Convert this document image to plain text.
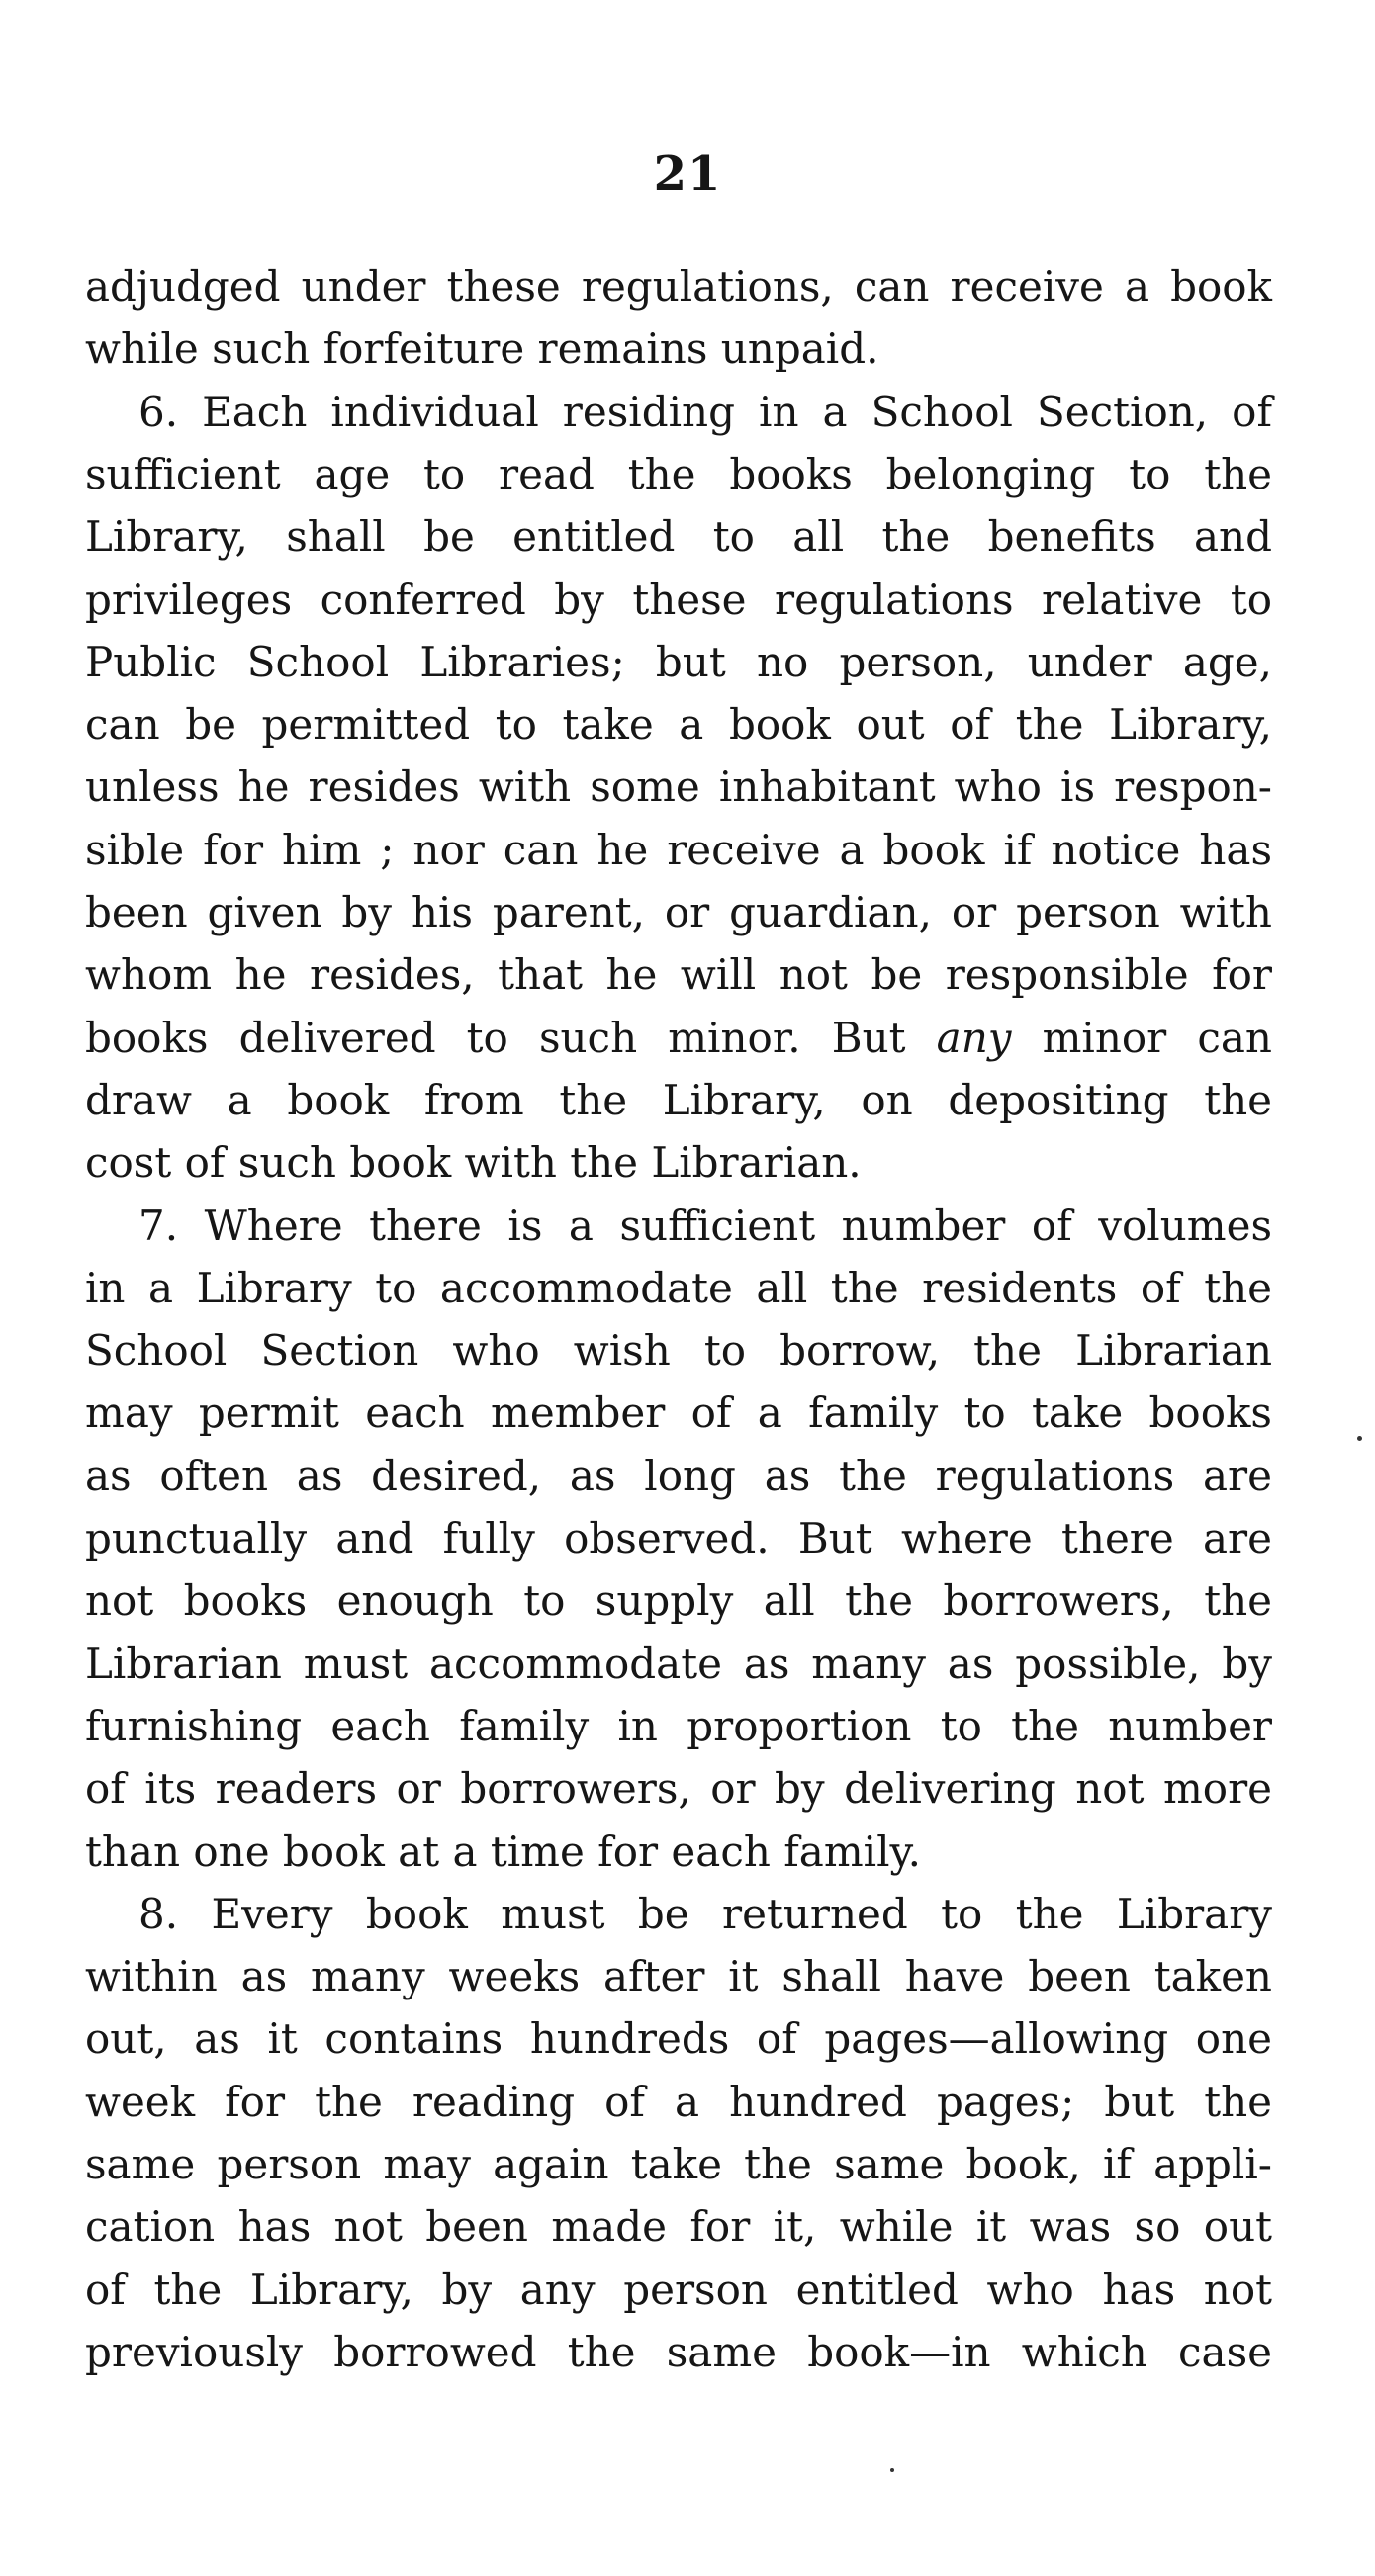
21
adjudged under these regulations, can receive a book
while such forfeiture remains unpaid.
6. Each individual residing in a School Section, of
sufficient age to read the books belonging to the
Library, shall be entitled to all the benefits and
privileges conferred by these regulations relative to
Public School Libraries; but no person, under age,
can be permitted to take a book out of the Library,
unless he resides with some inhabitant who is respon-
sible for him ; nor can he receive a book if notice has
been given by his parent, or guardian, or person with
whom he resides, that he will not be responsible for
books delivered to such minor. But any minor can
draw a book from the Library, on depositing the
cost of such book with the Librarian.
7. Where there is a sufficient number of volumes
in a Library to accommodate all the residents of the
School Section who wish to borrow, the Librarian
may permit each member of a family to take books
as often as desired, as long as the regulations are
punctually and fully observed. But where there are
not books enough to supply all the borrowers, the
Librarian must accommodate as many as possible, by
furnishing each family in proportion to the number
of its readers or borrowers, or by delivering not more
than one book at a time for each family.
8. Every book must be returned to the Library
within as many weeks after it shall have been taken
out, as it contains hundreds of pages—allowing one
week for the reading of a hundred pages; but the
same person may again take the same book, if appli-
cation has not been made for it, while it was so out
of the Library, by any person entitled who has not
previously borrowed the same book—in which case
